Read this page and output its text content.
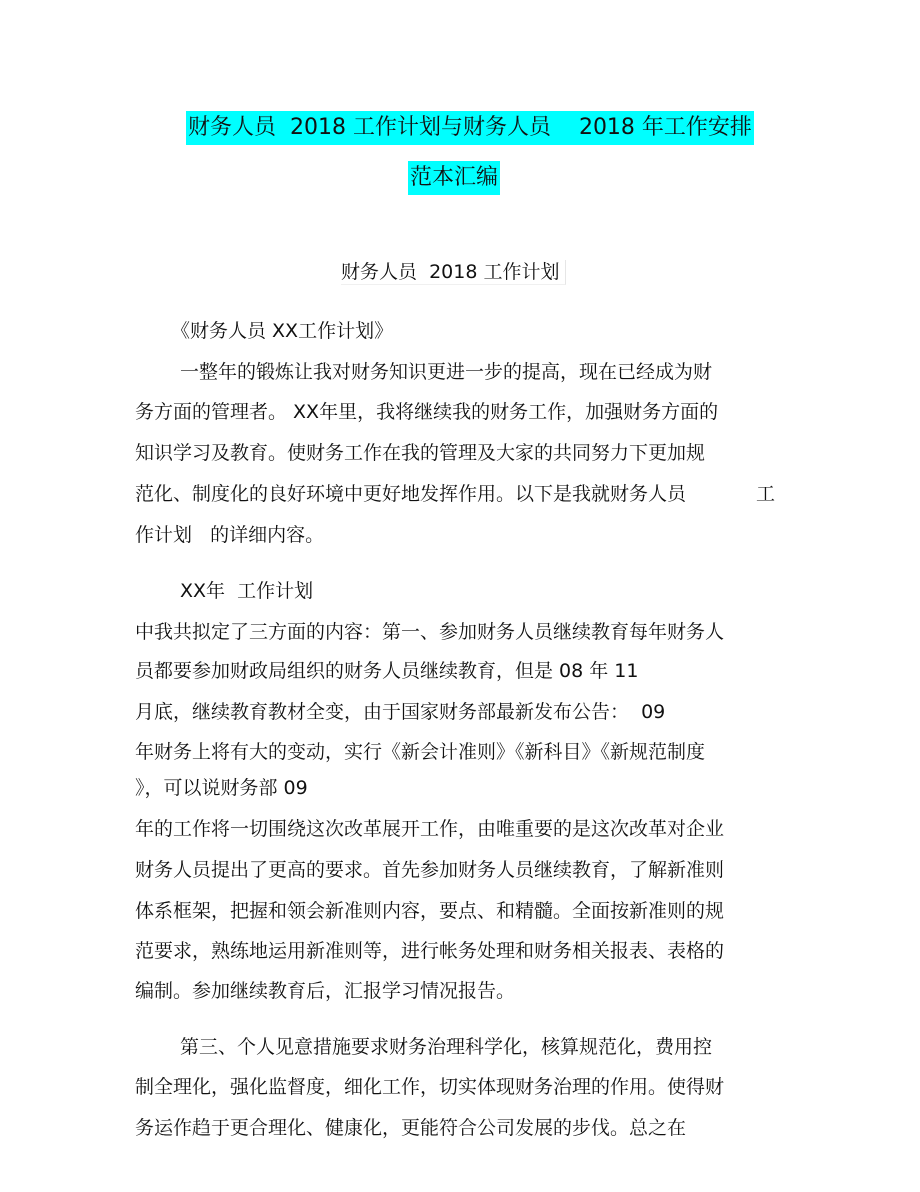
财务人员  2018 工作计划与财务人员    2018 年工作安排
范本汇编
财务人员  2018 工作计划
《财务人员 XX工作计划》
一整年的锻炼让我对财务知识更进一步的提高，现在已经成为财
务方面的管理者。 XX年里，我将继续我的财务工作，加强财务方面的
知识学习及教育。使财务工作在我的管理及大家的共同努力下更加规
范化、制度化的良好环境中更好地发挥作用。以下是我就财务人员	工
作计划   的详细内容。
XX年  工作计划
中我共拟定了三方面的内容：第一、参加财务人员继续教育每年财务人
员都要参加财政局组织的财务人员继续教育，但是 08 年 11
月底，继续教育教材全变，由于国家财务部最新发布公告：  09
年财务上将有大的变动，实行《新会计准则》《新科目》《新规范制度
》，可以说财务部 09
年的工作将一切围绕这次改革展开工作，由唯重要的是这次改革对企业
财务人员提出了更高的要求。首先参加财务人员继续教育，了解新准则
体系框架，把握和领会新准则内容，要点、和精髓。全面按新准则的规
范要求，熟练地运用新准则等，进行帐务处理和财务相关报表、表格的
编制。参加继续教育后，汇报学习情况报告。
第三、个人见意措施要求财务治理科学化，核算规范化，费用控
制全理化，强化监督度，细化工作，切实体现财务治理的作用。使得财
务运作趋于更合理化、健康化，更能符合公司发展的步伐。总之在
